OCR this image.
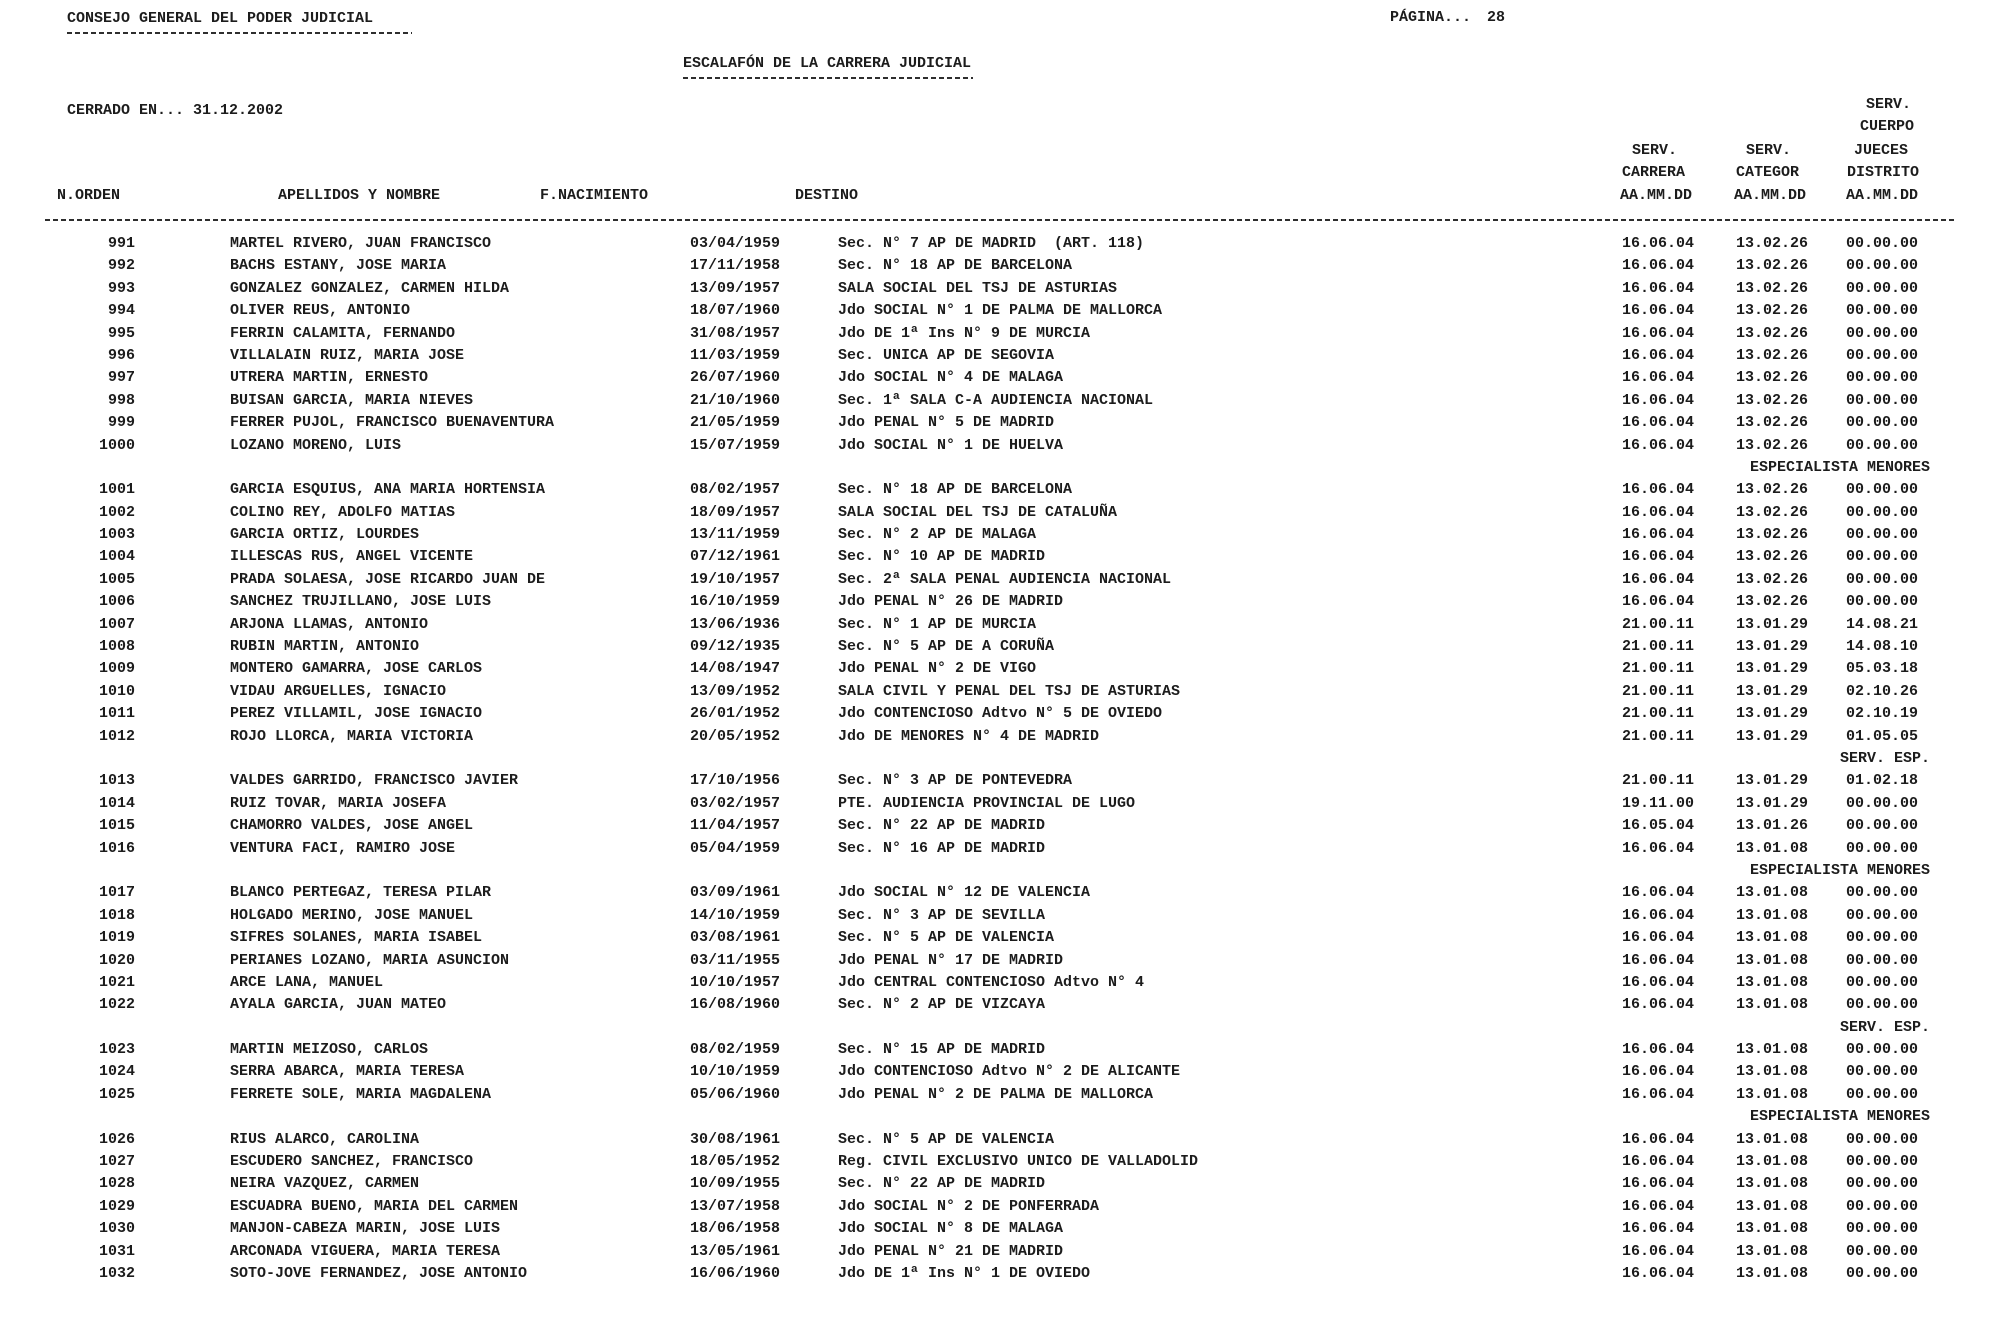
CONSEJO GENERAL DEL PODER JUDICIAL	PÁGINA... 28
ESCALAFÓN DE LA CARRERA JUDICIAL
CERRADO EN... 31.12.2002	SERV.
CUERPO
SERV.	SERV.	JUECES
CARRERA	CATEGOR	DISTRITO
N.ORDEN	APELLIDOS Y NOMBRE	F.NACIMIENTO	DESTINO	AA.MM.DD	AA.MM.DD	AA.MM.DD
991	MARTEL RIVERO, JUAN FRANCISCO	03/04/1959	Sec. N° 7 AP DE MADRID  (ART. 118)	16.06.04	13.02.26	00.00.00
992	BACHS ESTANY, JOSE MARIA	17/11/1958	Sec. N° 18 AP DE BARCELONA	16.06.04	13.02.26	00.00.00
993	GONZALEZ GONZALEZ, CARMEN HILDA	13/09/1957	SALA SOCIAL DEL TSJ DE ASTURIAS	16.06.04	13.02.26	00.00.00
994	OLIVER REUS, ANTONIO	18/07/1960	Jdo SOCIAL N° 1 DE PALMA DE MALLORCA	16.06.04	13.02.26	00.00.00
995	FERRIN CALAMITA, FERNANDO	31/08/1957	Jdo DE 1ª Ins N° 9 DE MURCIA	16.06.04	13.02.26	00.00.00
996	VILLALAIN RUIZ, MARIA JOSE	11/03/1959	Sec. UNICA AP DE SEGOVIA	16.06.04	13.02.26	00.00.00
997	UTRERA MARTIN, ERNESTO	26/07/1960	Jdo SOCIAL N° 4 DE MALAGA	16.06.04	13.02.26	00.00.00
998	BUISAN GARCIA, MARIA NIEVES	21/10/1960	Sec. 1ª SALA C-A AUDIENCIA NACIONAL	16.06.04	13.02.26	00.00.00
999	FERRER PUJOL, FRANCISCO BUENAVENTURA	21/05/1959	Jdo PENAL N° 5 DE MADRID	16.06.04	13.02.26	00.00.00
1000	LOZANO MORENO, LUIS	15/07/1959	Jdo SOCIAL N° 1 DE HUELVA	16.06.04	13.02.26	00.00.00
ESPECIALISTA MENORES
1001	GARCIA ESQUIUS, ANA MARIA HORTENSIA	08/02/1957	Sec. N° 18 AP DE BARCELONA	16.06.04	13.02.26	00.00.00
1002	COLINO REY, ADOLFO MATIAS	18/09/1957	SALA SOCIAL DEL TSJ DE CATALUÑA	16.06.04	13.02.26	00.00.00
1003	GARCIA ORTIZ, LOURDES	13/11/1959	Sec. N° 2 AP DE MALAGA	16.06.04	13.02.26	00.00.00
1004	ILLESCAS RUS, ANGEL VICENTE	07/12/1961	Sec. N° 10 AP DE MADRID	16.06.04	13.02.26	00.00.00
1005	PRADA SOLAESA, JOSE RICARDO JUAN DE	19/10/1957	Sec. 2ª SALA PENAL AUDIENCIA NACIONAL	16.06.04	13.02.26	00.00.00
1006	SANCHEZ TRUJILLANO, JOSE LUIS	16/10/1959	Jdo PENAL N° 26 DE MADRID	16.06.04	13.02.26	00.00.00
1007	ARJONA LLAMAS, ANTONIO	13/06/1936	Sec. N° 1 AP DE MURCIA	21.00.11	13.01.29	14.08.21
1008	RUBIN MARTIN, ANTONIO	09/12/1935	Sec. N° 5 AP DE A CORUÑA	21.00.11	13.01.29	14.08.10
1009	MONTERO GAMARRA, JOSE CARLOS	14/08/1947	Jdo PENAL N° 2 DE VIGO	21.00.11	13.01.29	05.03.18
1010	VIDAU ARGUELLES, IGNACIO	13/09/1952	SALA CIVIL Y PENAL DEL TSJ DE ASTURIAS	21.00.11	13.01.29	02.10.26
1011	PEREZ VILLAMIL, JOSE IGNACIO	26/01/1952	Jdo CONTENCIOSO Adtvo N° 5 DE OVIEDO	21.00.11	13.01.29	02.10.19
1012	ROJO LLORCA, MARIA VICTORIA	20/05/1952	Jdo DE MENORES N° 4 DE MADRID	21.00.11	13.01.29	01.05.05
SERV. ESP.
1013	VALDES GARRIDO, FRANCISCO JAVIER	17/10/1956	Sec. N° 3 AP DE PONTEVEDRA	21.00.11	13.01.29	01.02.18
1014	RUIZ TOVAR, MARIA JOSEFA	03/02/1957	PTE. AUDIENCIA PROVINCIAL DE LUGO	19.11.00	13.01.29	00.00.00
1015	CHAMORRO VALDES, JOSE ANGEL	11/04/1957	Sec. N° 22 AP DE MADRID	16.05.04	13.01.26	00.00.00
1016	VENTURA FACI, RAMIRO JOSE	05/04/1959	Sec. N° 16 AP DE MADRID	16.06.04	13.01.08	00.00.00
ESPECIALISTA MENORES
1017	BLANCO PERTEGAZ, TERESA PILAR	03/09/1961	Jdo SOCIAL N° 12 DE VALENCIA	16.06.04	13.01.08	00.00.00
1018	HOLGADO MERINO, JOSE MANUEL	14/10/1959	Sec. N° 3 AP DE SEVILLA	16.06.04	13.01.08	00.00.00
1019	SIFRES SOLANES, MARIA ISABEL	03/08/1961	Sec. N° 5 AP DE VALENCIA	16.06.04	13.01.08	00.00.00
1020	PERIANES LOZANO, MARIA ASUNCION	03/11/1955	Jdo PENAL N° 17 DE MADRID	16.06.04	13.01.08	00.00.00
1021	ARCE LANA, MANUEL	10/10/1957	Jdo CENTRAL CONTENCIOSO Adtvo N° 4	16.06.04	13.01.08	00.00.00
1022	AYALA GARCIA, JUAN MATEO	16/08/1960	Sec. N° 2 AP DE VIZCAYA	16.06.04	13.01.08	00.00.00
SERV. ESP.
1023	MARTIN MEIZOSO, CARLOS	08/02/1959	Sec. N° 15 AP DE MADRID	16.06.04	13.01.08	00.00.00
1024	SERRA ABARCA, MARIA TERESA	10/10/1959	Jdo CONTENCIOSO Adtvo N° 2 DE ALICANTE	16.06.04	13.01.08	00.00.00
1025	FERRETE SOLE, MARIA MAGDALENA	05/06/1960	Jdo PENAL N° 2 DE PALMA DE MALLORCA	16.06.04	13.01.08	00.00.00
ESPECIALISTA MENORES
1026	RIUS ALARCO, CAROLINA	30/08/1961	Sec. N° 5 AP DE VALENCIA	16.06.04	13.01.08	00.00.00
1027	ESCUDERO SANCHEZ, FRANCISCO	18/05/1952	Reg. CIVIL EXCLUSIVO UNICO DE VALLADOLID	16.06.04	13.01.08	00.00.00
1028	NEIRA VAZQUEZ, CARMEN	10/09/1955	Sec. N° 22 AP DE MADRID	16.06.04	13.01.08	00.00.00
1029	ESCUADRA BUENO, MARIA DEL CARMEN	13/07/1958	Jdo SOCIAL N° 2 DE PONFERRADA	16.06.04	13.01.08	00.00.00
1030	MANJON-CABEZA MARIN, JOSE LUIS	18/06/1958	Jdo SOCIAL N° 8 DE MALAGA	16.06.04	13.01.08	00.00.00
1031	ARCONADA VIGUERA, MARIA TERESA	13/05/1961	Jdo PENAL N° 21 DE MADRID	16.06.04	13.01.08	00.00.00
1032	SOTO-JOVE FERNANDEZ, JOSE ANTONIO	16/06/1960	Jdo DE 1ª Ins N° 1 DE OVIEDO	16.06.04	13.01.08	00.00.00
